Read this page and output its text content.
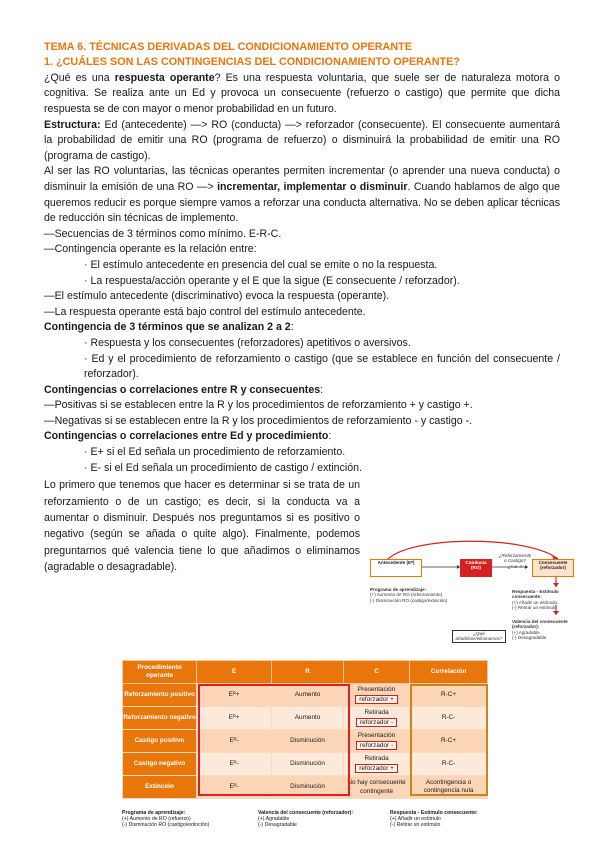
TEMA 6. TÉCNICAS DERIVADAS DEL CONDICIONAMIENTO OPERANTE
1. ¿CUÁLES SON LAS CONTINGENCIAS DEL CONDICIONAMIENTO OPERANTE?

¿Qué es una respuesta operante? Es una respuesta voluntaria, que suele ser de naturaleza motora o cognitiva. Se realiza ante un Ed y provoca un consecuente (refuerzo o castigo) que permite que dicha respuesta se de con mayor o menor probabilidad en un futuro.

Estructura: Ed (antecedente) —> RO (conducta) —> reforzador (consecuente). El consecuente aumentará la probabilidad de emitir una RO (programa de refuerzo) o disminuirá la probabilidad de emitir una RO (programa de castigo).

Al ser las RO voluntarias, las técnicas operantes permiten incrementar (o aprender una nueva conducta) o disminuir la emisión de una RO —> incrementar, implementar o disminuir. Cuando hablamos de algo que queremos reducir es porque siempre vamos a reforzar una conducta alternativa. No se deben aplicar técnicas de reducción sin técnicas de implemento.

— Secuencias de 3 términos como mínimo. E-R-C.
— Contingencia operante es la relación entre:
· El estímulo antecedente en presencia del cual se emite o no la respuesta.
· La respuesta/acción operante y el E que la sigue (E consecuente / reforzador).
— El estímulo antecedente (discriminativo) evoca la respuesta (operante).
— La respuesta operante está bajo control del estímulo antecedente.
Contingencia de 3 términos que se analizan 2 a 2:
· Respuesta y los consecuentes (reforzadores) apetitivos o aversivos.
· Ed y el procedimiento de reforzamiento o castigo (que se establece en función del consecuente / reforzador).
Contingencias o correlaciones entre R y consecuentes:
— Positivas si se establecen entre la R y los procedimientos de reforzamiento + y castigo +.
— Negativas si se establecen entre la R y los procedimientos de reforzamiento - y castigo -.
Contingencias o correlaciones entre Ed y procedimiento:
· E+ si el Ed señala un procedimiento de reforzamiento.
· E- si el Ed señala un procedimiento de castigo / extinción.
Lo primero que tenemos que hacer es determinar si se trata de un reforzamiento o de un castigo; es decir, si la conducta va a aumentar o disminuir. Después nos preguntamos si es positivo o negativo (según se añada o quite algo). Finalmente, podemos preguntarnos qué valencia tiene lo que añadimos o eliminamos (agradable o desagradable).	Antecedente (Eᵈ)	Conducta (RO)
¿Reforzamiento o Castigo?
¿+ o -?
Consecuente (reforzador)
Programa de aprendizaje:
(+) Aumento de RO (reforzamiento)
(-) Disminución RO (castigo/extinción)
Respuesta - Estímulo consecuente:
(+) Añadir un estímulo
(-) Retirar un estímulo
Valencia del consecuente (reforzador):
(+) Agradable
(-) Desagradable
¿Qué añadimos/eliminamos?
Procedimiento operante	E	R	C	Correlación
Reforzamiento positivo	Eᴿ+	Aumento	Presentación
reforzador +	R-C+
Reforzamiento negativo	Eᴿ+	Aumento	Retirada
reforzador -	R-C-
Castigo positivo	Eᴿ-	Disminución	Presentación
reforzador -	R-C+
Castigo negativo	Eᴿ-	Disminución	Retirada
reforzador +	R-C-
Extinción	Eᴿ-	Disminución	No hay consecuente
contingente	Acontingencia o contingencia nula
Programa de aprendizaje:
(+) Aumento de RO (refuerzo)
(-) Disminución RO (castigo/extinción)
Valencia del consecuente (reforzador):
(+) Agradable
(-) Desagradable
Respuesta - Estímulo consecuente:
(+) Añadir un estímulo
(-) Retirar un estímulo
